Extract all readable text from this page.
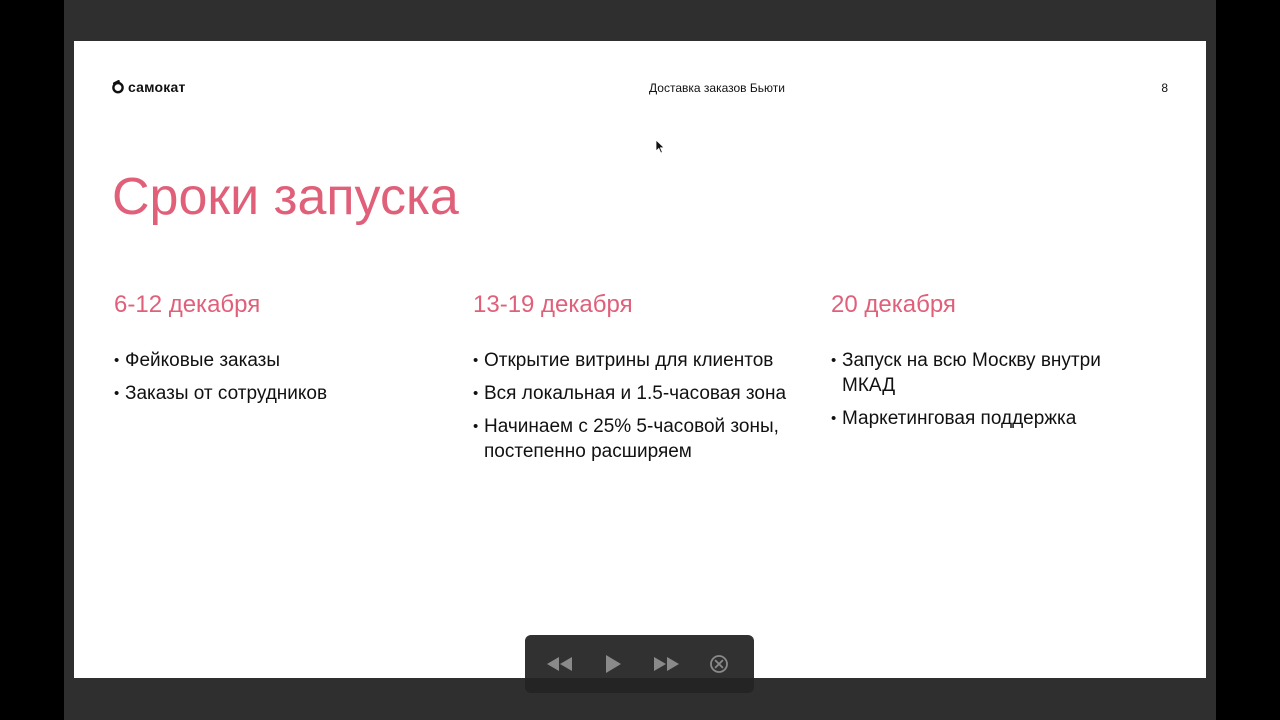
самокат	Доставка заказов Бьюти	8
Сроки запуска
6-12 декабря
• Фейковые заказы
• Заказы от сотрудников
13-19 декабря
• Открытие витрины для клиентов
• Вся локальная и 1.5-часовая зона
• Начинаем с 25% 5-часовой зоны, постепенно расширяем
20 декабря
• Запуск на всю Москву внутри МКАД
• Маркетинговая поддержка
